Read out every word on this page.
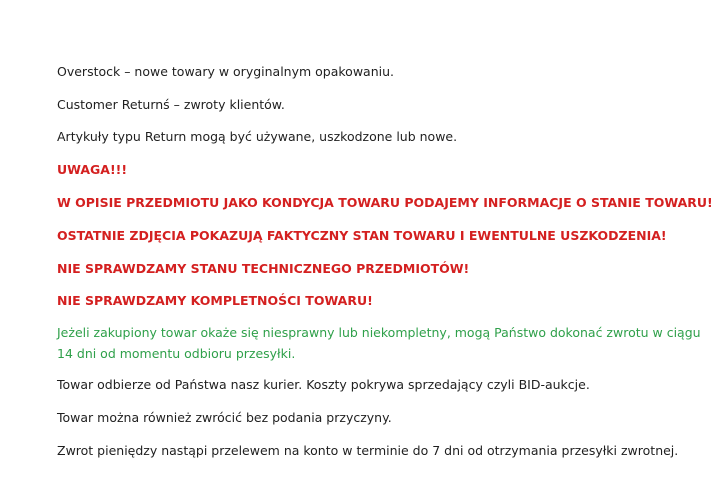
Overstock – nowe towary w oryginalnym opakowaniu.
Customer Returnś – zwroty klientów.
Artykuły typu Return mogą być używane, uszkodzone lub nowe.
UWAGA!!!
W OPISIE PRZEDMIOTU JAKO KONDYCJA TOWARU PODAJEMY INFORMACJE O STANIE TOWARU!
OSTATNIE ZDJĘCIA POKAZUJĄ FAKTYCZNY STAN TOWARU I EWENTULNE USZKODZENIA!
NIE SPRAWDZAMY STANU TECHNICZNEGO PRZEDMIOTÓW!
NIE SPRAWDZAMY KOMPLETNOŚCI TOWARU!
Jeżeli zakupiony towar okaże się niesprawny lub niekompletny, mogą Państwo dokonać zwrotu w ciągu 14 dni od momentu odbioru przesyłki.
Towar odbierze od Państwa nasz kurier. Koszty pokrywa sprzedający czyli BID-aukcje.
Towar można również zwrócić bez podania przyczyny.
Zwrot pieniędzy nastąpi przelewem na konto w terminie do 7 dni od otrzymania przesyłki zwrotnej.
